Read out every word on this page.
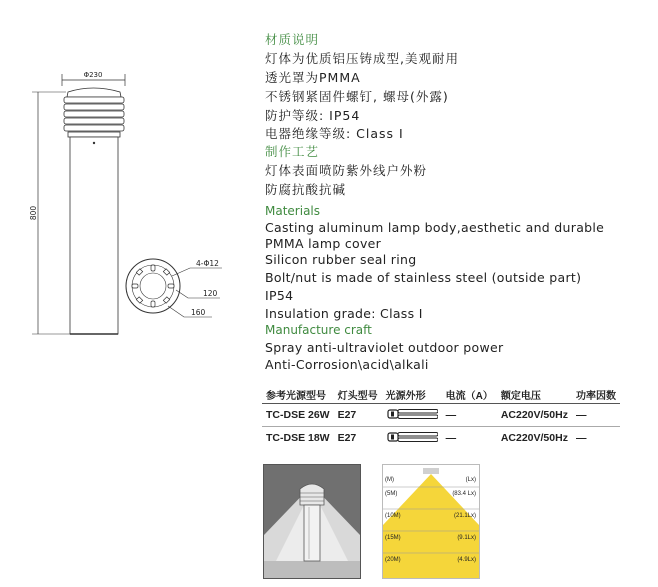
Φ230
800
4-Φ12
120
160
材质说明
灯体为优质铝压铸成型,美观耐用
透光罩为PMMA
不锈钢紧固件螺钉, 螺母(外露)
防护等级: IP54
电器绝缘等级: Class I
制作工艺
灯体表面喷防紫外线户外粉
防腐抗酸抗碱
Materials
Casting aluminum lamp body,aesthetic and durable
PMMA lamp cover
Silicon rubber seal ring
Bolt/nut is made of stainless steel (outside part)
IP54
Insulation grade: Class I
Manufacture craft
Spray anti-ultraviolet outdoor power
Anti-Corrosion\acid\alkali
参考光源型号	灯头型号	光源外形	电流（A）	额定电压	功率因数
TC-DSE 26W	E27		—	AC220V/50Hz	—
TC-DSE 18W	E27		—	AC220V/50Hz	—
(M)	(Lx)
(5M)	(83.4 Lx)
(10M)	(21.1Lx)
(15M)	(9.1Lx)
(20M)	(4.9Lx)
